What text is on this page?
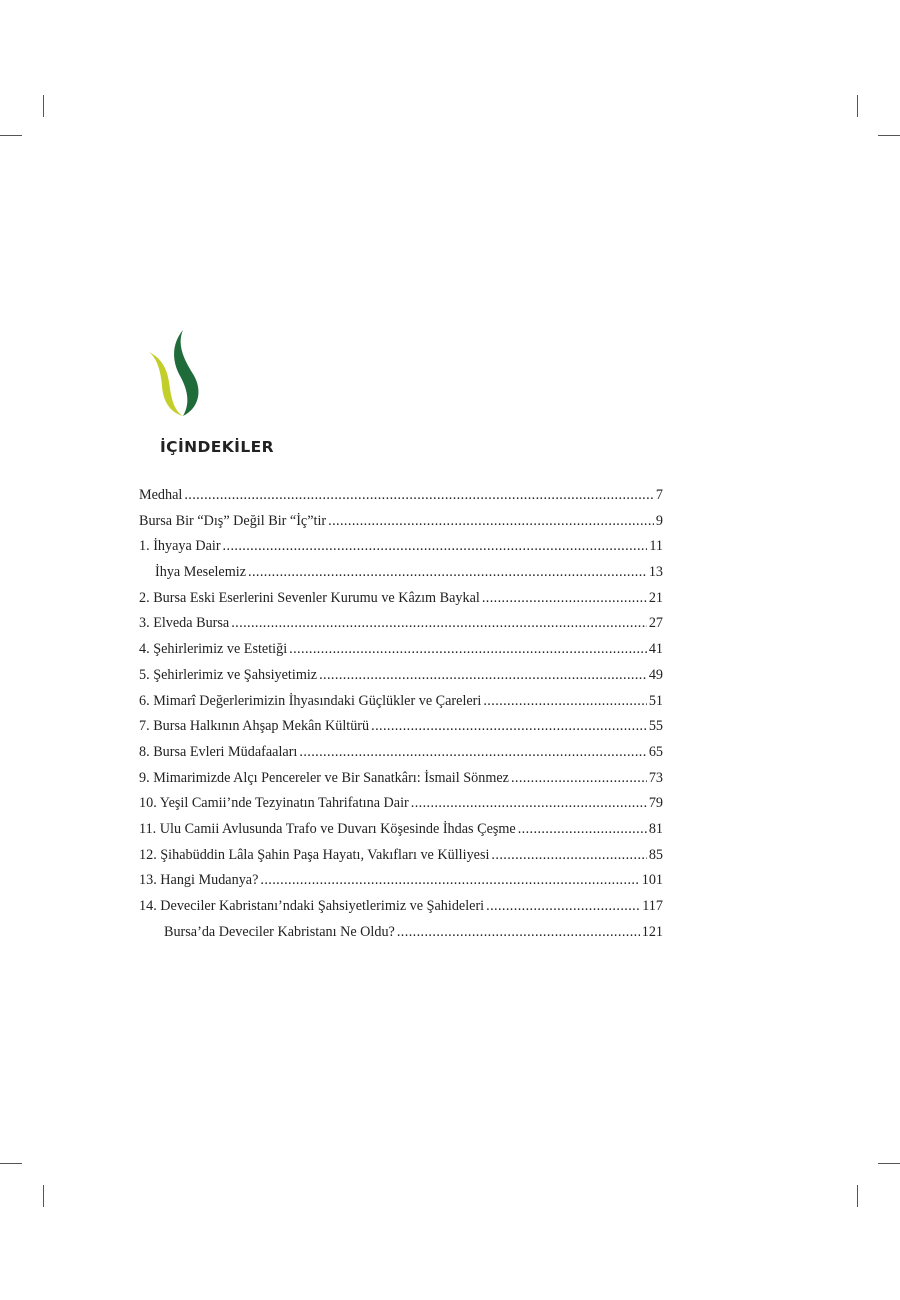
İÇİNDEKİLER
Medhal .....	7
Bursa Bir “Dış” Değil Bir “İç”tir .....	9
1. İhyaya Dair .....	11
İhya Meselemiz .....	13
2. Bursa Eski Eserlerini Sevenler Kurumu ve Kâzım Baykal .....	21
3. Elveda Bursa .....	27
4. Şehirlerimiz ve Estetiği .....	41
5. Şehirlerimiz ve Şahsiyetimiz .....	49
6. Mimarî Değerlerimizin İhyasındaki Güçlükler ve Çareleri .....	51
7. Bursa Halkının Ahşap Mekân Kültürü .....	55
8. Bursa Evleri Müdafaaları .....	65
9. Mimarimizde Alçı Pencereler ve Bir Sanatkârı: İsmail Sönmez .....	73
10. Yeşil Camii’nde Tezyinatın Tahrifatına Dair .....	79
11. Ulu Camii Avlusunda Trafo ve Duvarı Köşesinde İhdas Çeşme .....	81
12. Şihabüddin Lâla Şahin Paşa Hayatı, Vakıfları ve Külliyesi .....	85
13. Hangi Mudanya? .....	101
14. Deveciler Kabristanı’ndaki Şahsiyetlerimiz ve Şahideleri .....	117
Bursa’da Deveciler Kabristanı Ne Oldu? .....	121
